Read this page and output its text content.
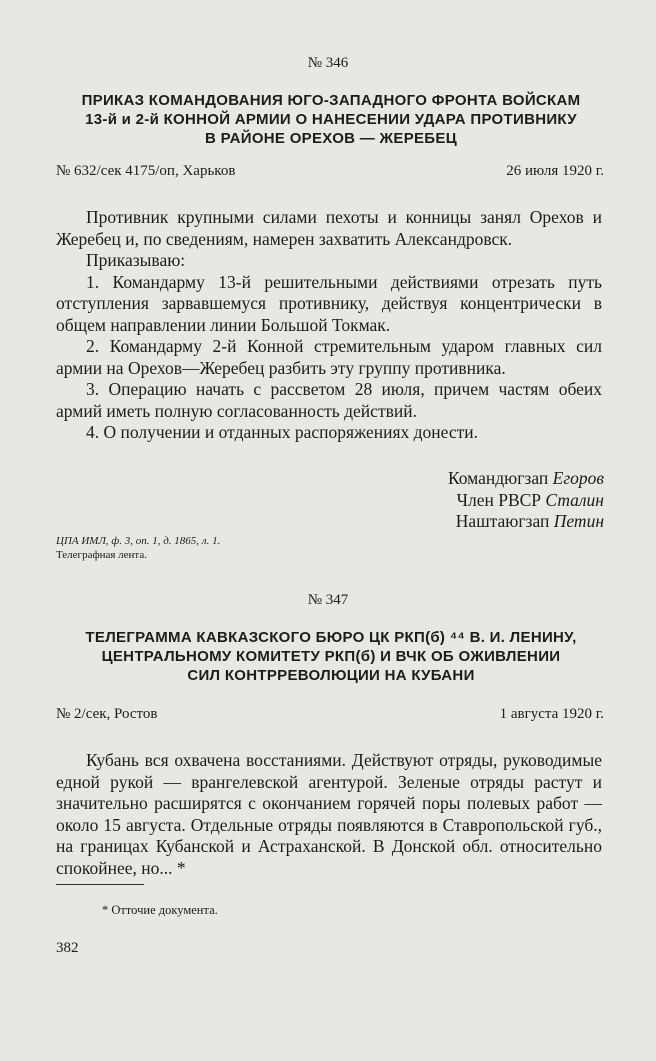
№ 346
ПРИКАЗ КОМАНДОВАНИЯ ЮГО-ЗАПАДНОГО ФРОНТА ВОЙСКАМ
13-й и 2-й КОННОЙ АРМИИ О НАНЕСЕНИИ УДАРА ПРОТИВНИКУ
В РАЙОНЕ ОРЕХОВ — ЖЕРЕБЕЦ
№ 632/сек 4175/оп, Харьков	26 июля 1920 г.

Противник крупными силами пехоты и конницы занял Орехов и Жеребец и, по сведениям, намерен захватить Александровск.

Приказываю:

1. Командарму 13-й решительными действиями отрезать путь отступления зарвавшемуся противнику, действуя концентрически в общем направлении линии Большой Токмак.

2. Командарму 2-й Конной стремительным ударом главных сил армии на Орехов—Жеребец разбить эту группу противника.

3. Операцию начать с рассветом 28 июля, причем частям обеих армий иметь полную согласованность действий.

4. О получении и отданных распоряжениях донести.

Командюгзап Егоров
Член РВСР Сталин
Наштаюгзап Петин
ЦПА ИМЛ, ф. 3, оп. 1, д. 1865, л. 1.
Телеграфная лента.
№ 347
ТЕЛЕГРАММА КАВКАЗСКОГО БЮРО ЦК РКП(б) ⁴⁴ В. И. ЛЕНИНУ,
ЦЕНТРАЛЬНОМУ КОМИТЕТУ РКП(б) И ВЧК ОБ ОЖИВЛЕНИИ
СИЛ КОНТРРЕВОЛЮЦИИ НА КУБАНИ
№ 2/сек, Ростов	1 августа 1920 г.

Кубань вся охвачена восстаниями. Действуют отряды, руководимые едной рукой — врангелевской агентурой. Зеленые отряды растут и значительно расширятся с окончанием горячей поры полевых работ — около 15 августа. Отдельные отряды появляются в Ставропольской губ., на границах Кубанской и Астраханской. В Донской обл. относительно спокойнее, но... *

* Отточие документа.
382
